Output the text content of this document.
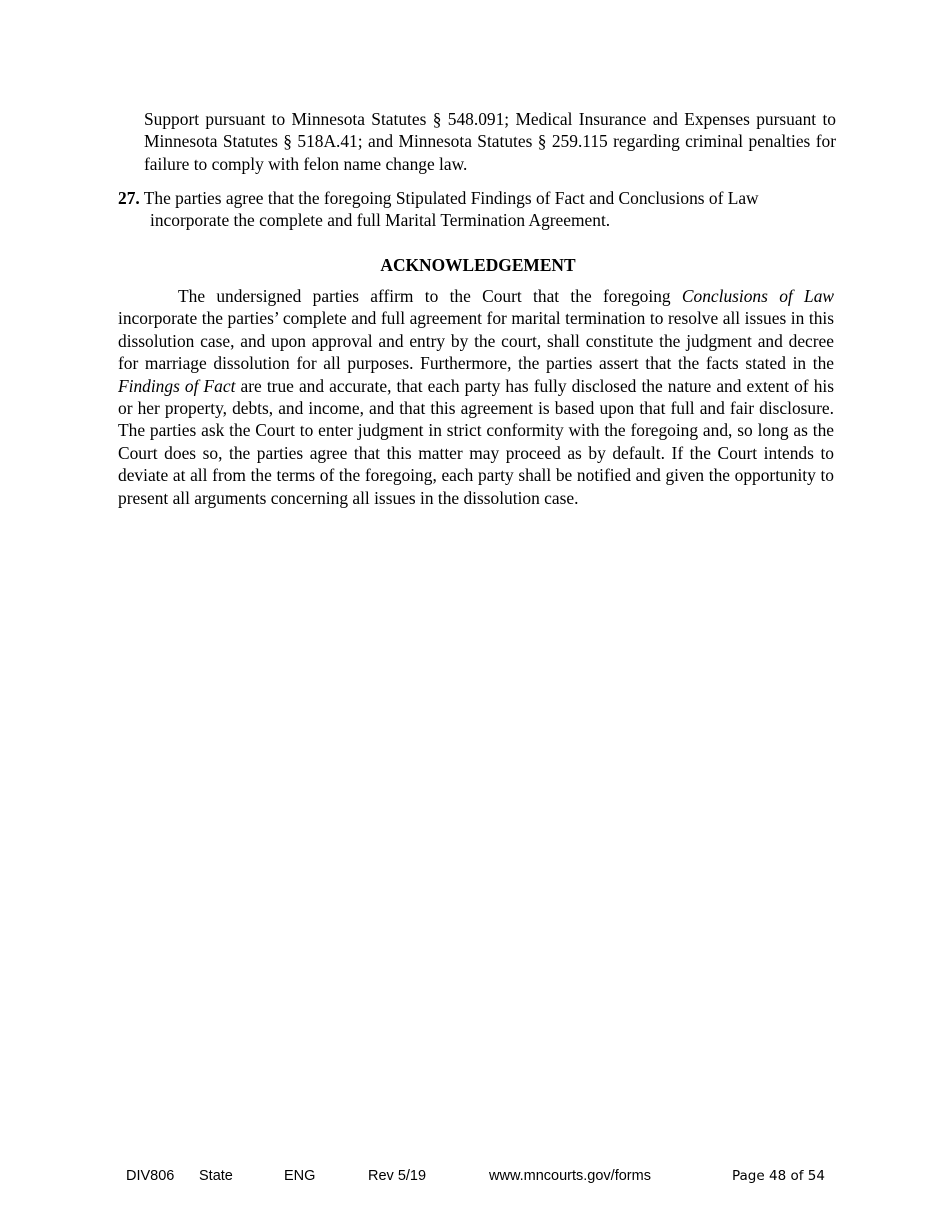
Support pursuant to Minnesota Statutes § 548.091; Medical Insurance and Expenses pursuant to Minnesota Statutes § 518A.41; and Minnesota Statutes § 259.115 regarding criminal penalties for failure to comply with felon name change law.

27. The parties agree that the foregoing Stipulated Findings of Fact and Conclusions of Law
incorporate the complete and full Marital Termination Agreement.

ACKNOWLEDGEMENT

The undersigned parties affirm to the Court that the foregoing Conclusions of Law incorporate the parties’ complete and full agreement for marital termination to resolve all issues in this dissolution case, and upon approval and entry by the court, shall constitute the judgment and decree for marriage dissolution for all purposes. Furthermore, the parties assert that the facts stated in the Findings of Fact are true and accurate, that each party has fully disclosed the nature and extent of his or her property, debts, and income, and that this agreement is based upon that full and fair disclosure. The parties ask the Court to enter judgment in strict conformity with the foregoing and, so long as the Court does so, the parties agree that this matter may proceed as by default. If the Court intends to deviate at all from the terms of the foregoing, each party shall be notified and given the opportunity to present all arguments concerning all issues in the dissolution case.

DIV806 State	ENG	Rev 5/19	www.mncourts.gov/forms	Page 48 of 54
